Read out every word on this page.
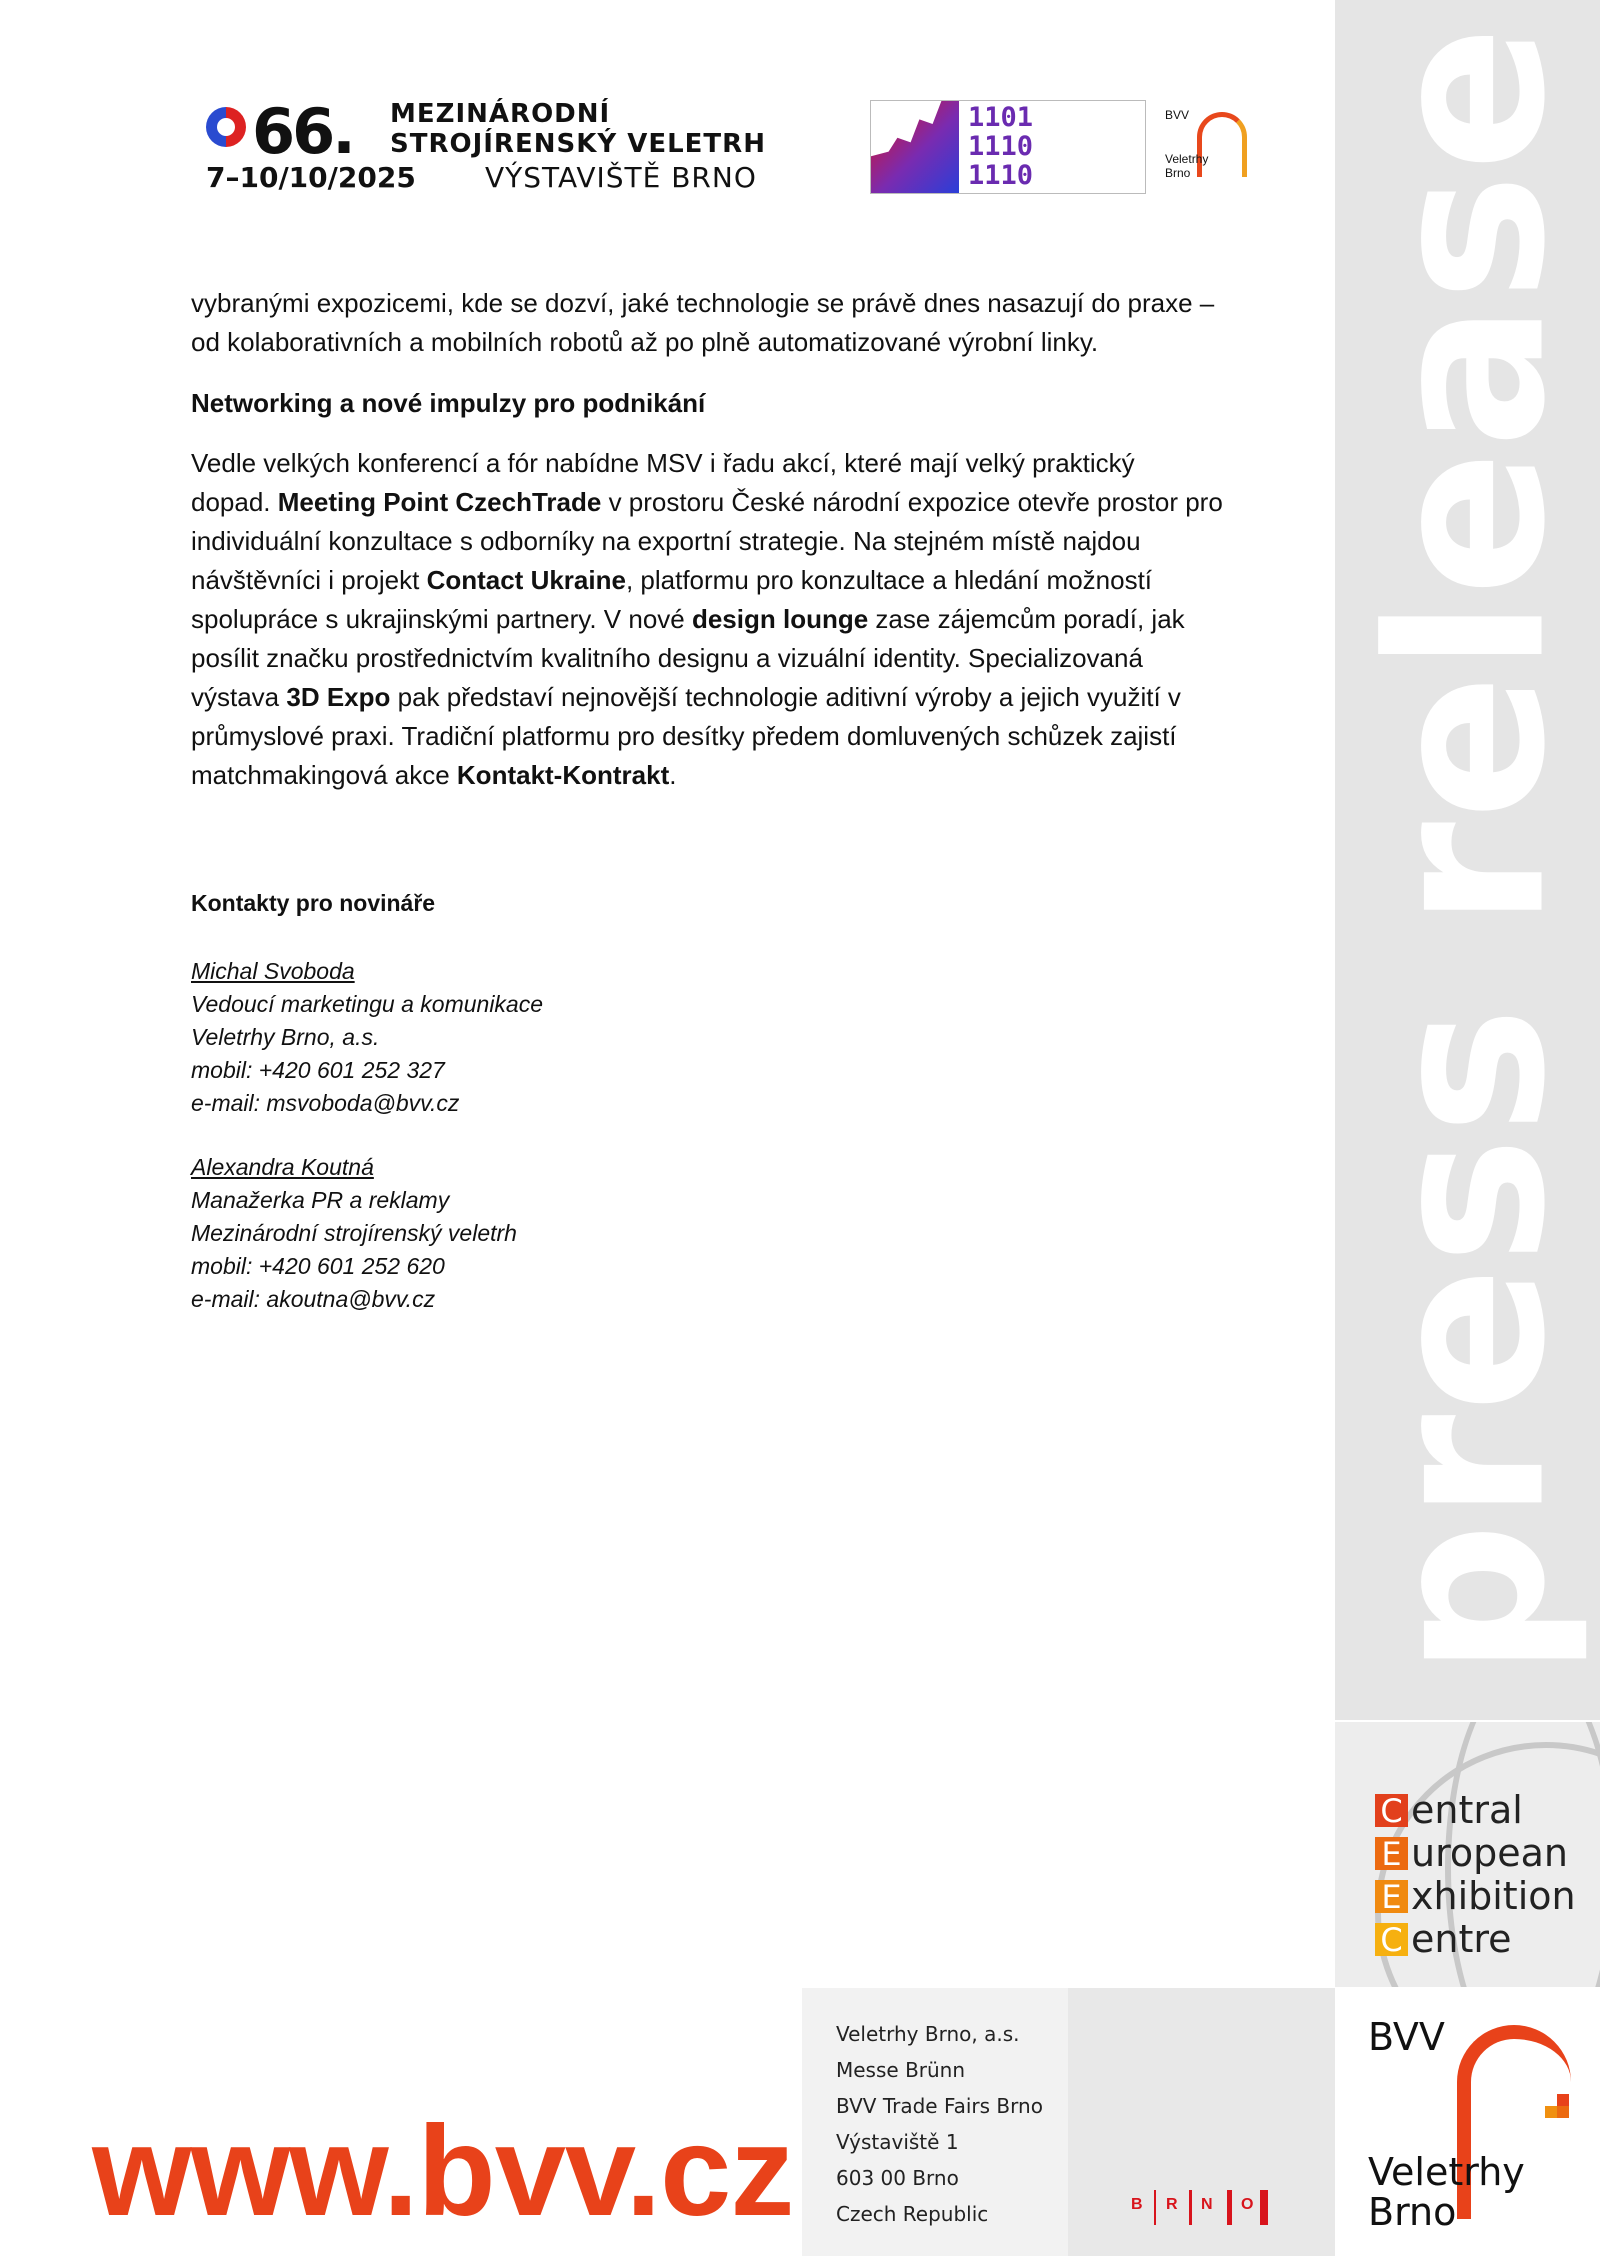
66. MEZINÁRODNÍ
STROJÍRENSKÝ VELETRH
7–10/10/2025 VÝSTAVIŠTĚ BRNO
1101
1110
1110
BVV
Veletrhy
Brno
vybranými expozicemi, kde se dozví, jaké technologie se právě dnes nasazují do praxe –
od kolaborativních a mobilních robotů až po plně automatizované výrobní linky.
Networking a nové impulzy pro podnikání
Vedle velkých konferencí a fór nabídne MSV i řadu akcí, které mají velký praktický
dopad. Meeting Point CzechTrade v prostoru České národní expozice otevře prostor pro
individuální konzultace s odborníky na exportní strategie. Na stejném místě najdou
návštěvníci i projekt Contact Ukraine, platformu pro konzultace a hledání možností
spolupráce s ukrajinskými partnery. V nové design lounge zase zájemcům poradí, jak
posílit značku prostřednictvím kvalitního designu a vizuální identity. Specializovaná
výstava 3D Expo pak představí nejnovější technologie aditivní výroby a jejich využití v
průmyslové praxi. Tradiční platformu pro desítky předem domluvených schůzek zajistí
matchmakingová akce Kontakt-Kontrakt.
Kontakty pro novináře
Michal Svoboda
Vedoucí marketingu a komunikace
Veletrhy Brno, a.s.
mobil: +420 601 252 327
e-mail: msvoboda@bvv.cz
Alexandra Koutná
Manažerka PR a reklamy
Mezinárodní strojírenský veletrh
mobil: +420 601 252 620
e-mail: akoutna@bvv.cz	press release
C entral
E uropean
E xhibition
C entre
BVV
Veletrhy
Brno
www.bvv.cz
Veletrhy Brno, a.s.
Messe Brünn
BVV Trade Fairs Brno
Výstaviště 1
603 00 Brno
Czech Republic	B R N O
